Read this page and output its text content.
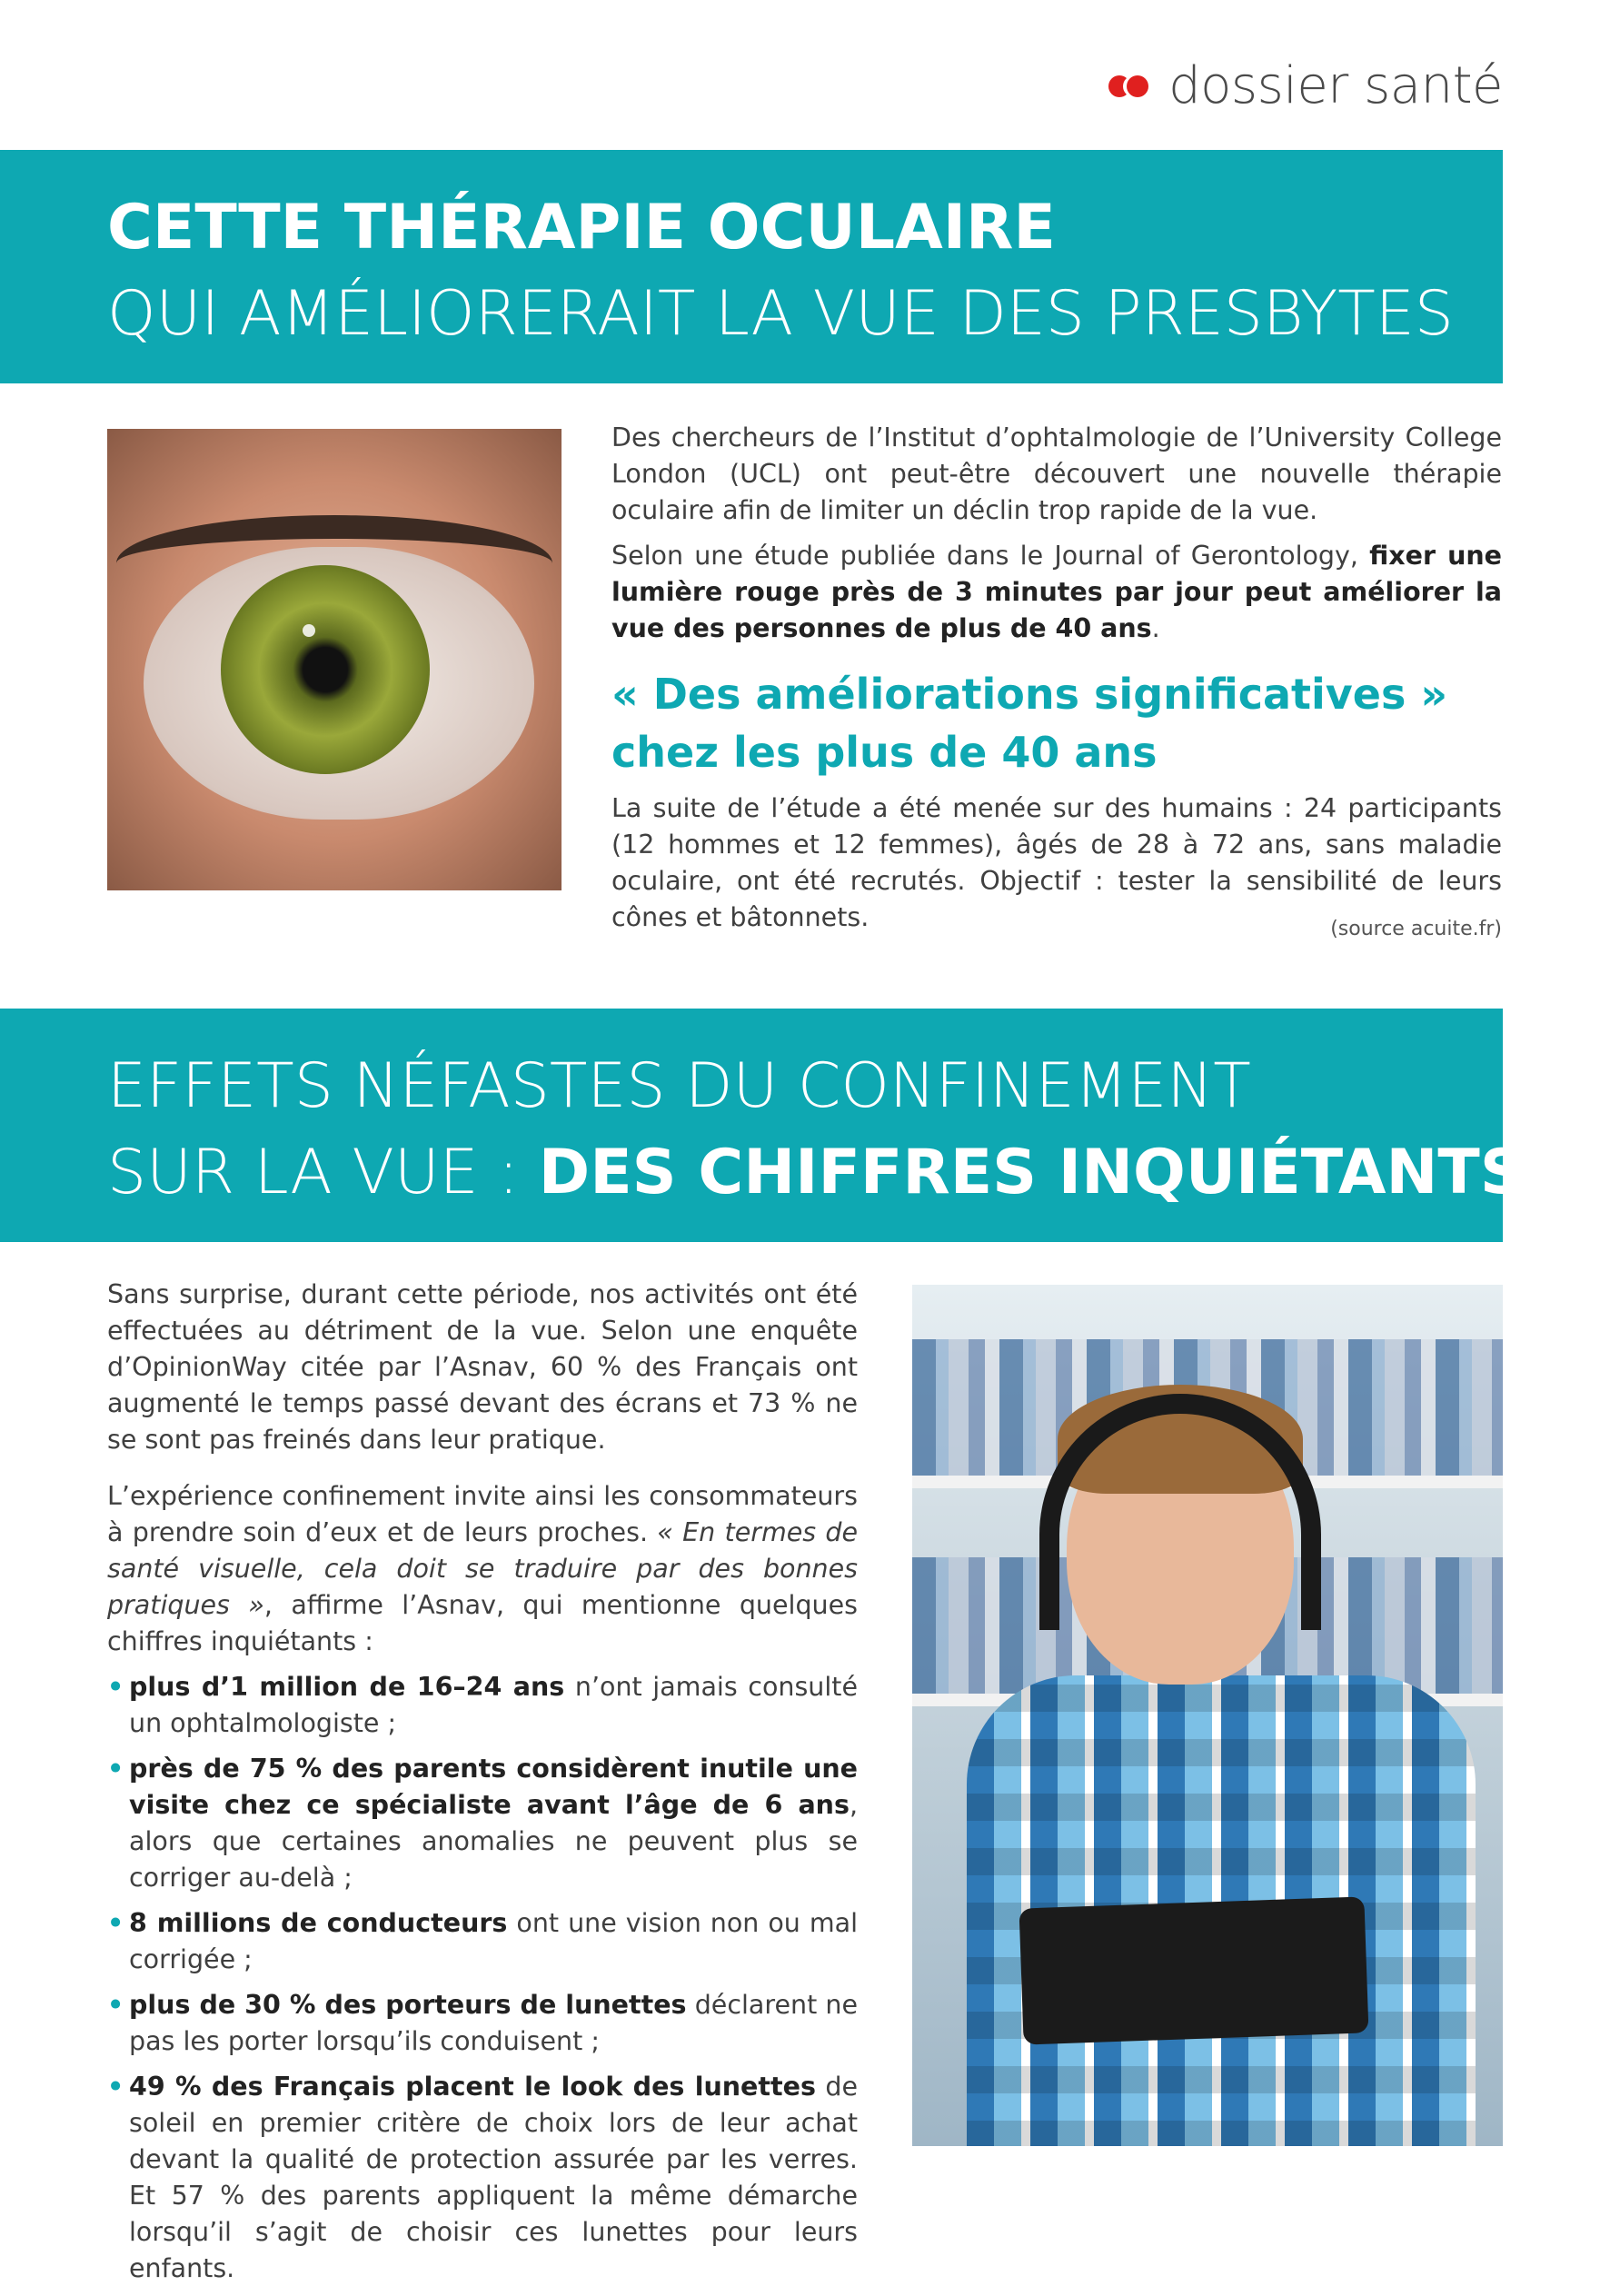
dossier santé
CETTE THÉRAPIE OCULAIRE
QUI AMÉLIORERAIT LA VUE DES PRESBYTES

Des chercheurs de l’Institut d’ophtalmologie de l’University College London (UCL) ont peut-être découvert une nouvelle thérapie oculaire afin de limiter un déclin trop rapide de la vue.

Selon une étude publiée dans le Journal of Gerontology, fixer une lumière rouge près de 3 minutes par jour peut améliorer la vue des personnes de plus de 40 ans.

« Des améliorations significatives »
chez les plus de 40 ans

La suite de l’étude a été menée sur des humains : 24 participants (12 hommes et 12 femmes), âgés de 28 à 72 ans, sans maladie oculaire, ont été recrutés. Objectif : tester la sensibilité de leurs cônes et bâtonnets.	(source acuite.fr)
EFFETS NÉFASTES DU CONFINEMENT
SUR LA VUE : DES CHIFFRES INQUIÉTANTS

Sans surprise, durant cette période, nos activités ont été effectuées au détriment de la vue. Selon une enquête d’OpinionWay citée par l’Asnav, 60 % des Français ont augmenté le temps passé devant des écrans et 73 % ne se sont pas freinés dans leur pratique.

L’expérience confinement invite ainsi les consommateurs à prendre soin d’eux et de leurs proches. « En termes de santé visuelle, cela doit se traduire par des bonnes pratiques », affirme l’Asnav, qui mentionne quelques chiffres inquiétants :

• plus d’1 million de 16–24 ans n’ont jamais consulté un ophtalmologiste ;
• près de 75 % des parents considèrent inutile une visite chez ce spécialiste avant l’âge de 6 ans, alors que certaines anomalies ne peuvent plus se corriger au-delà ;
• 8 millions de conducteurs ont une vision non ou mal corrigée ;
• plus de 30 % des porteurs de lunettes déclarent ne pas les porter lorsqu’ils conduisent ;
• 49 % des Français placent le look des lunettes de soleil en premier critère de choix lors de leur achat devant la qualité de protection assurée par les verres. Et 57 % des parents appliquent la même démarche lorsqu’il s’agit de choisir ces lunettes pour leurs enfants.
